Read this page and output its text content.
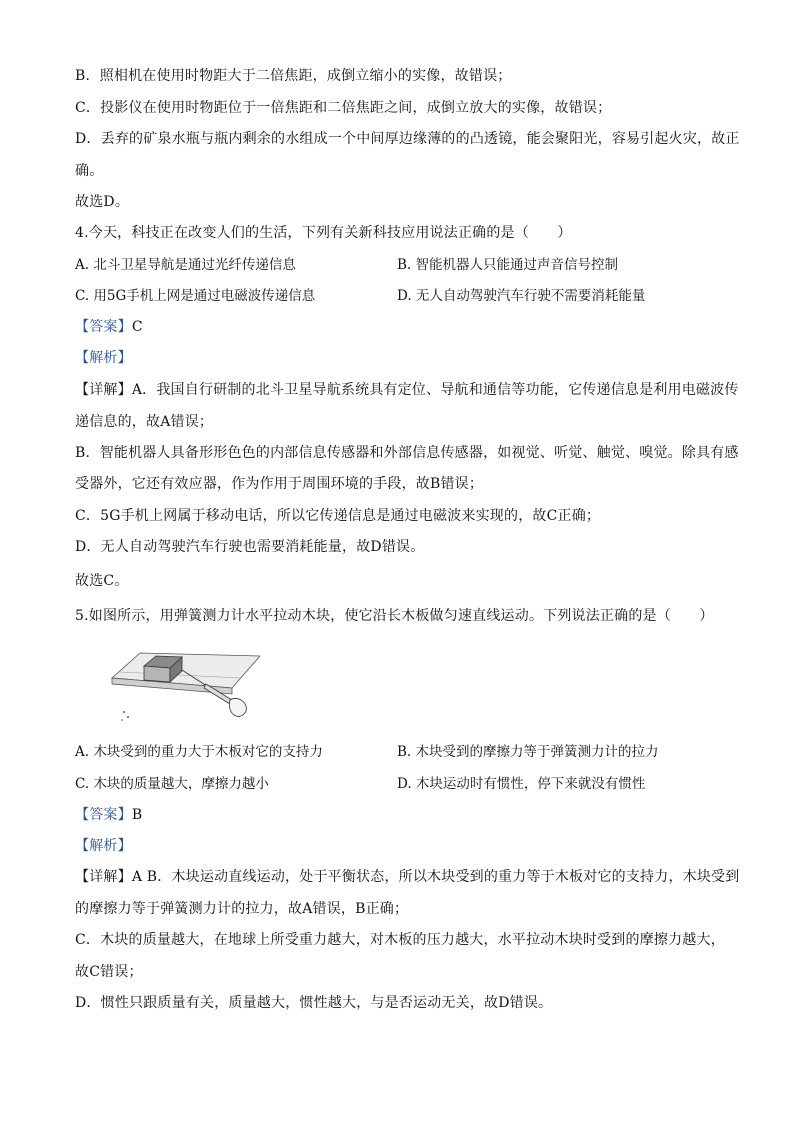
B．照相机在使用时物距大于二倍焦距，成倒立缩小的实像，故错误；
C．投影仪在使用时物距位于一倍焦距和二倍焦距之间，成倒立放大的实像，故错误；
D．丢弃的矿泉水瓶与瓶内剩余的水组成一个中间厚边缘薄的的凸透镜，能会聚阳光，容易引起火灾，故正
确。
故选D。
4.今天，科技正在改变人们的生活，下列有关新科技应用说法正确的是（　　）
A. 北斗卫星导航是通过光纤传递信息	B. 智能机器人只能通过声音信号控制
C. 用5G手机上网是通过电磁波传递信息	D. 无人自动驾驶汽车行驶不需要消耗能量
【答案】C
【解析】
【详解】A．我国自行研制的北斗卫星导航系统具有定位、导航和通信等功能，它传递信息是利用电磁波传
递信息的，故A错误；
B．智能机器人具备形形色色的内部信息传感器和外部信息传感器，如视觉、听觉、触觉、嗅觉。除具有感
受器外，它还有效应器，作为作用于周围环境的手段，故B错误；
C．5G手机上网属于移动电话，所以它传递信息是通过电磁波来实现的，故C正确；
D．无人自动驾驶汽车行驶也需要消耗能量，故D错误。
故选C。
5.如图所示，用弹簧测力计水平拉动木块，使它沿长木板做匀速直线运动。下列说法正确的是（　　）
A. 木块受到的重力大于木板对它的支持力	B. 木块受到的摩擦力等于弹簧测力计的拉力
C. 木块的质量越大，摩擦力越小	D. 木块运动时有惯性，停下来就没有惯性
【答案】B
【解析】
【详解】A B．木块运动直线运动，处于平衡状态，所以木块受到的重力等于木板对它的支持力，木块受到
的摩擦力等于弹簧测力计的拉力，故A错误，B正确；
C．木块的质量越大，在地球上所受重力越大，对木板的压力越大，水平拉动木块时受到的摩擦力越大，
故C错误；
D．惯性只跟质量有关，质量越大，惯性越大，与是否运动无关，故D错误。
